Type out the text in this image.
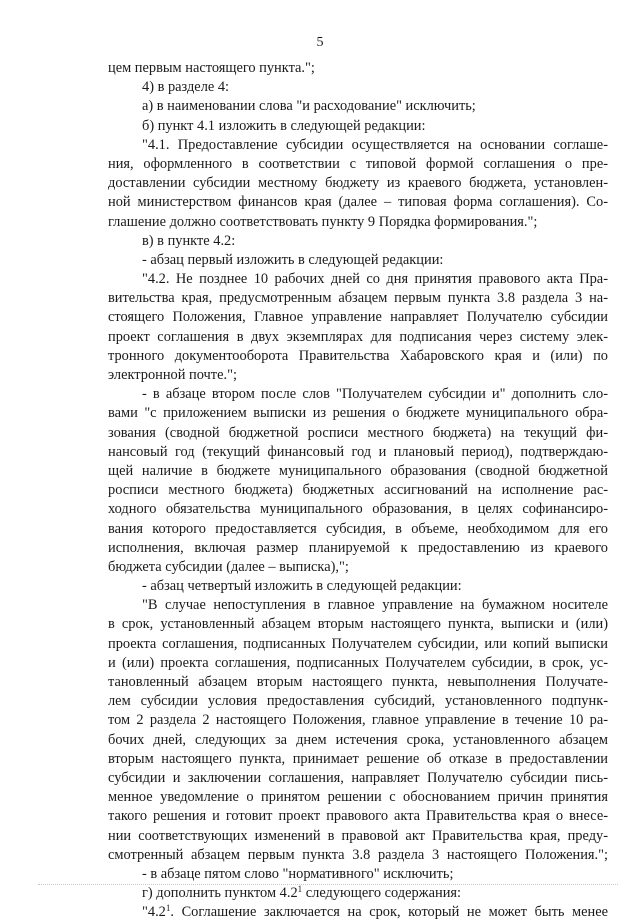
5
цем первым настоящего пункта.";
4) в разделе 4:
а) в наименовании слова "и расходование" исключить;
б) пункт 4.1 изложить в следующей редакции:
"4.1. Предоставление субсидии осуществляется на основании соглаше-
ния, оформленного в соответствии с типовой формой соглашения о пре-
доставлении субсидии местному бюджету из краевого бюджета, установлен-
ной министерством финансов края (далее – типовая форма соглашения). Со-
глашение должно соответствовать пункту 9 Порядка формирования.";
в) в пункте 4.2:
- абзац первый изложить в следующей редакции:
"4.2. Не позднее 10 рабочих дней со дня принятия правового акта Пра-
вительства края, предусмотренным абзацем первым пункта 3.8 раздела 3 на-
стоящего Положения, Главное управление направляет Получателю субсидии
проект соглашения в двух экземплярах для подписания через систему элек-
тронного документооборота Правительства Хабаровского края и (или) по
электронной почте.";
- в абзаце втором после слов "Получателем субсидии и" дополнить сло-
вами "с приложением выписки из решения о бюджете муниципального обра-
зования (сводной бюджетной росписи местного бюджета) на текущий фи-
нансовый год (текущий финансовый год и плановый период), подтверждаю-
щей наличие в бюджете муниципального образования (сводной бюджетной
росписи местного бюджета) бюджетных ассигнований на исполнение рас-
ходного обязательства муниципального образования, в целях софинансиро-
вания которого предоставляется субсидия, в объеме, необходимом для его
исполнения, включая размер планируемой к предоставлению из краевого
бюджета субсидии (далее – выписка),";
- абзац четвертый изложить в следующей редакции:
"В случае непоступления в главное управление на бумажном носителе
в срок, установленный абзацем вторым настоящего пункта, выписки и (или)
проекта соглашения, подписанных Получателем субсидии, или копий выписки
и (или) проекта соглашения, подписанных Получателем субсидии, в срок, ус-
тановленный абзацем вторым настоящего пункта, невыполнения Получате-
лем субсидии условия предоставления субсидий, установленного подпунк-
том 2 раздела 2 настоящего Положения, главное управление в течение 10 ра-
бочих дней, следующих за днем истечения срока, установленного абзацем
вторым настоящего пункта, принимает решение об отказе в предоставлении
субсидии и заключении соглашения, направляет Получателю субсидии пись-
менное уведомление о принятом решении с обоснованием причин принятия
такого решения и готовит проект правового акта Правительства края о внесе-
нии соответствующих изменений в правовой акт Правительства края, преду-
смотренный абзацем первым пункта 3.8 раздела 3 настоящего Положения.";
- в абзаце пятом слово "нормативного" исключить;
г) дополнить пунктом $4.2^1$ следующего содержания:
"$4.2^1$. Соглашение заключается на срок, который не может быть менее
